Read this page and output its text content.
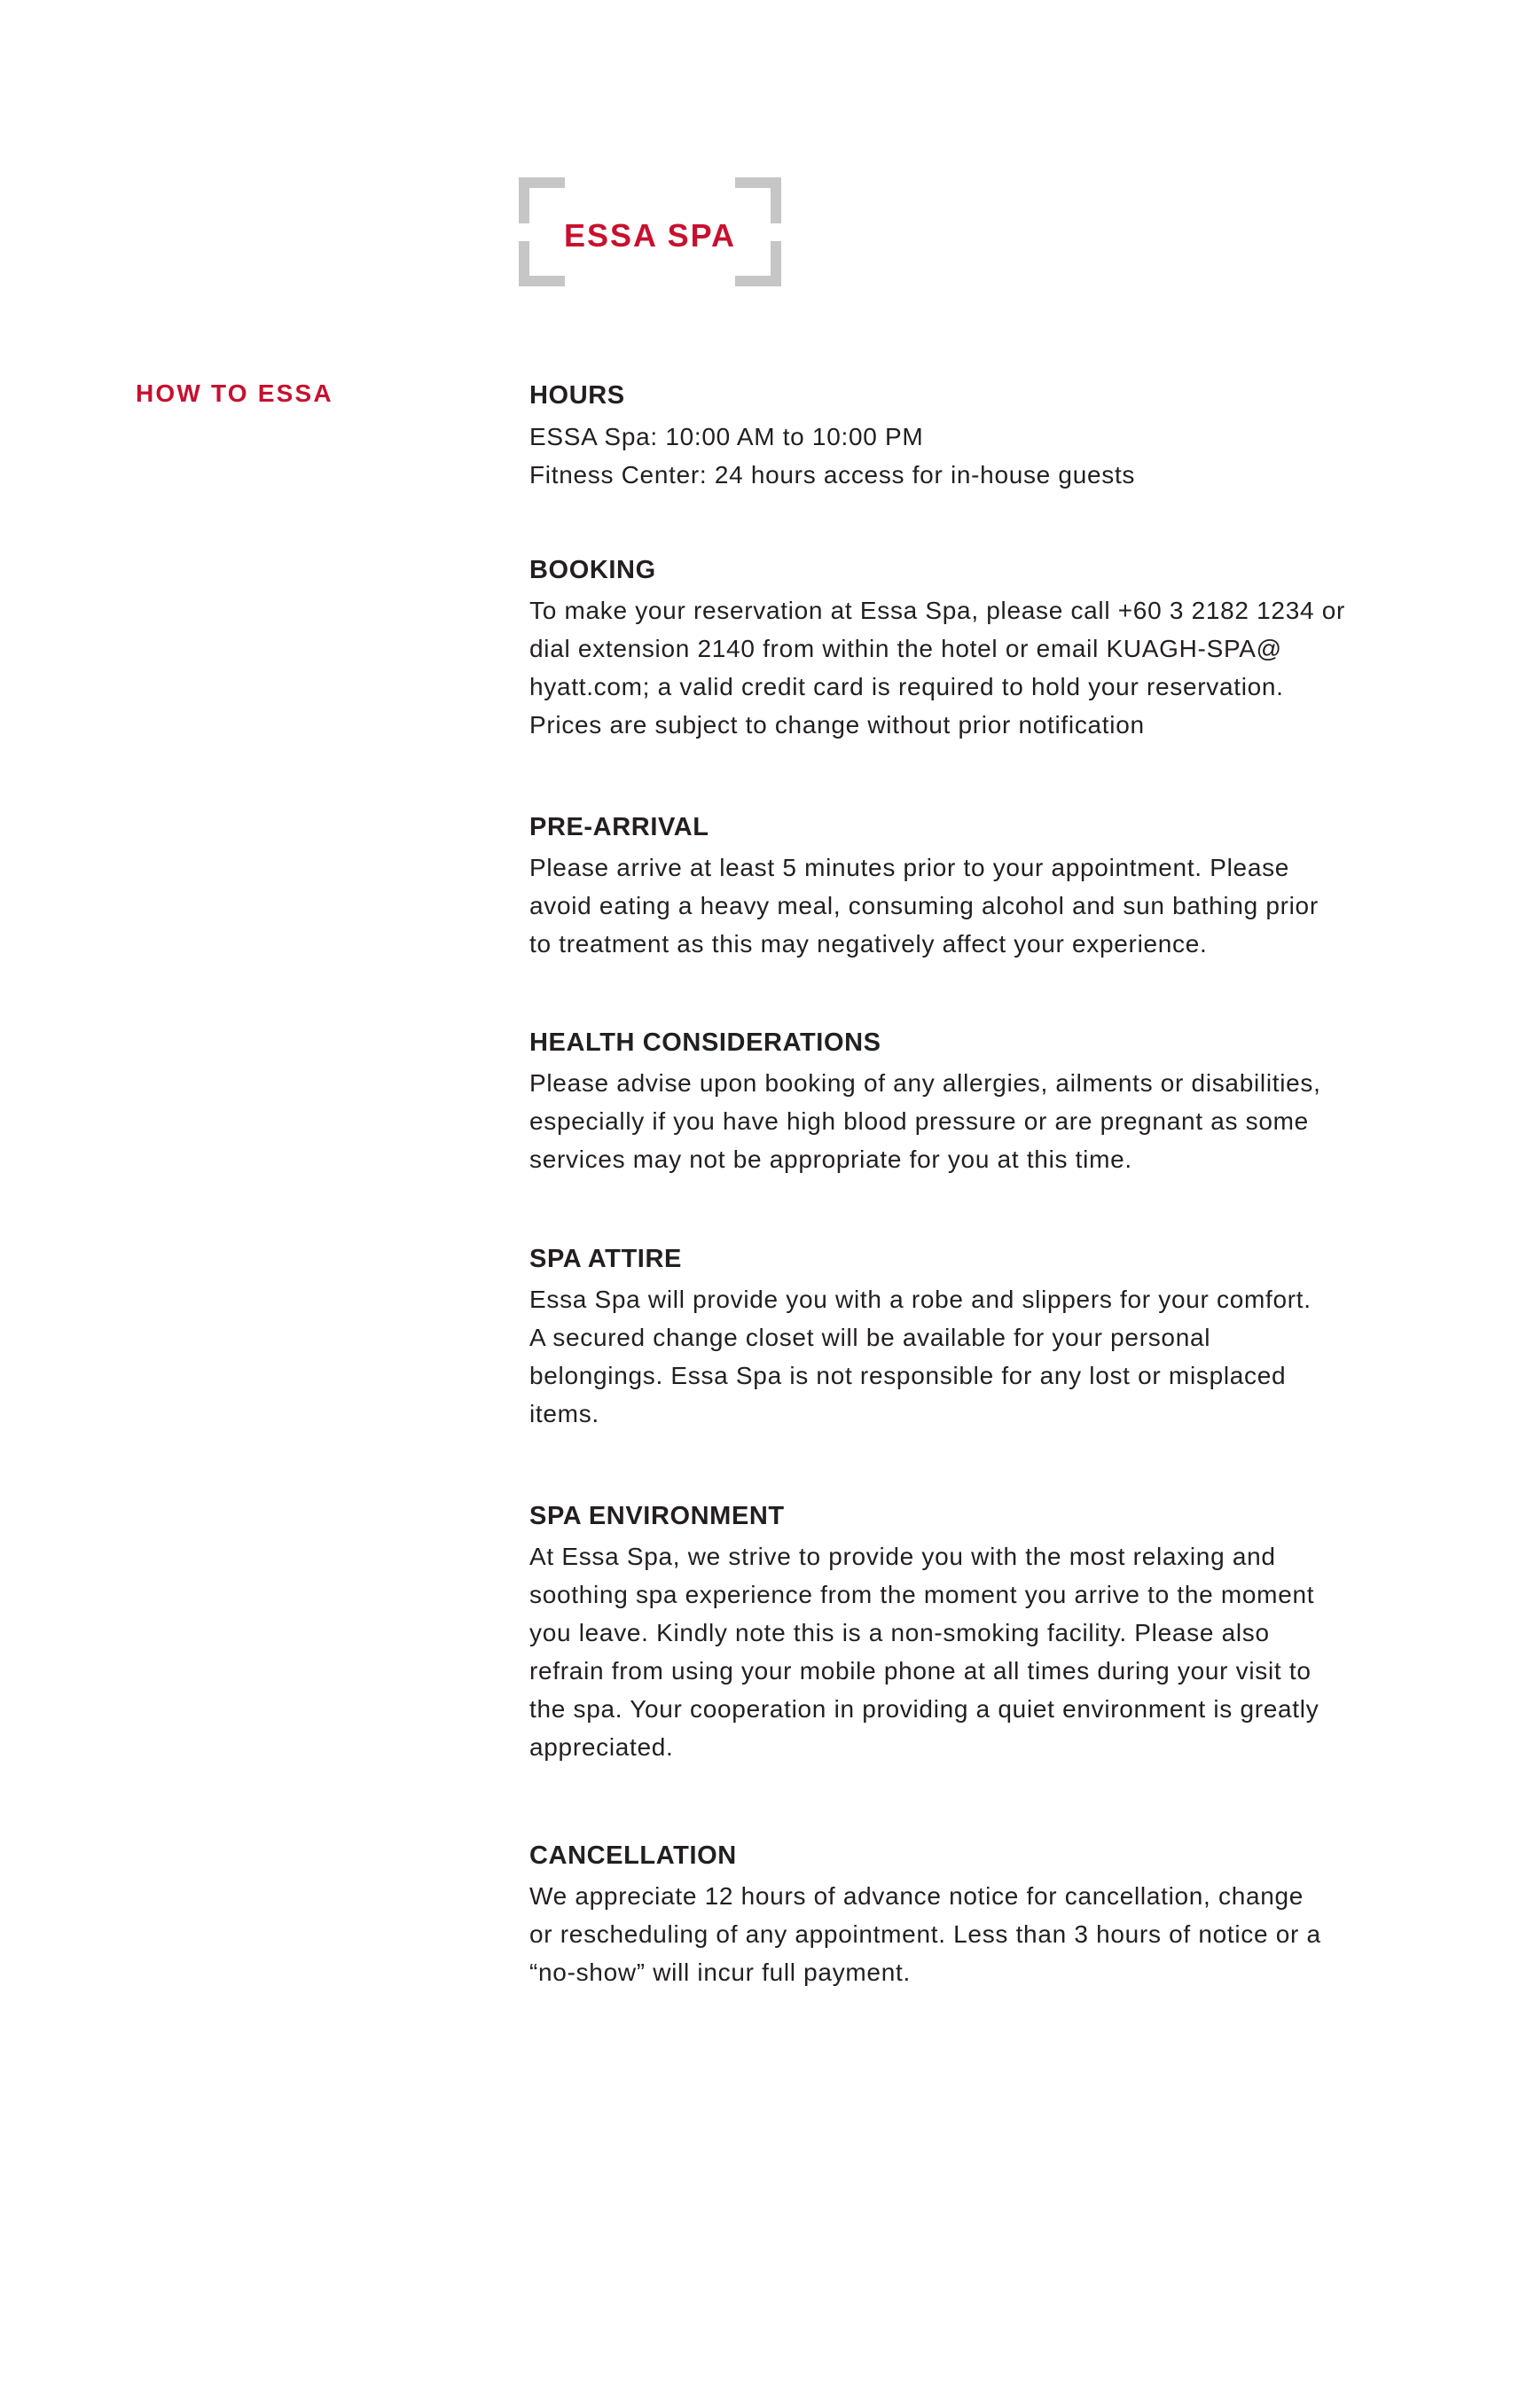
ESSA SPA
HOW TO ESSA	HOURS
ESSA Spa: 10:00 AM to 10:00 PM
Fitness Center: 24 hours access for in-house guests
BOOKING
To make your reservation at Essa Spa, please call +60 3 2182 1234 or
dial extension 2140 from within the hotel or email KUAGH-SPA@
hyatt.com; a valid credit card is required to hold your reservation.
Prices are subject to change without prior notification
PRE-ARRIVAL
Please arrive at least 5 minutes prior to your appointment. Please
avoid eating a heavy meal, consuming alcohol and sun bathing prior
to treatment as this may negatively affect your experience.
HEALTH CONSIDERATIONS
Please advise upon booking of any allergies, ailments or disabilities,
especially if you have high blood pressure or are pregnant as some
services may not be appropriate for you at this time.
SPA ATTIRE
Essa Spa will provide you with a robe and slippers for your comfort.
A secured change closet will be available for your personal
belongings. Essa Spa is not responsible for any lost or misplaced
items.
SPA ENVIRONMENT
At Essa Spa, we strive to provide you with the most relaxing and
soothing spa experience from the moment you arrive to the moment
you leave. Kindly note this is a non-smoking facility. Please also
refrain from using your mobile phone at all times during your visit to
the spa. Your cooperation in providing a quiet environment is greatly
appreciated.
CANCELLATION
We appreciate 12 hours of advance notice for cancellation, change
or rescheduling of any appointment. Less than 3 hours of notice or a
“no-show” will incur full payment.
